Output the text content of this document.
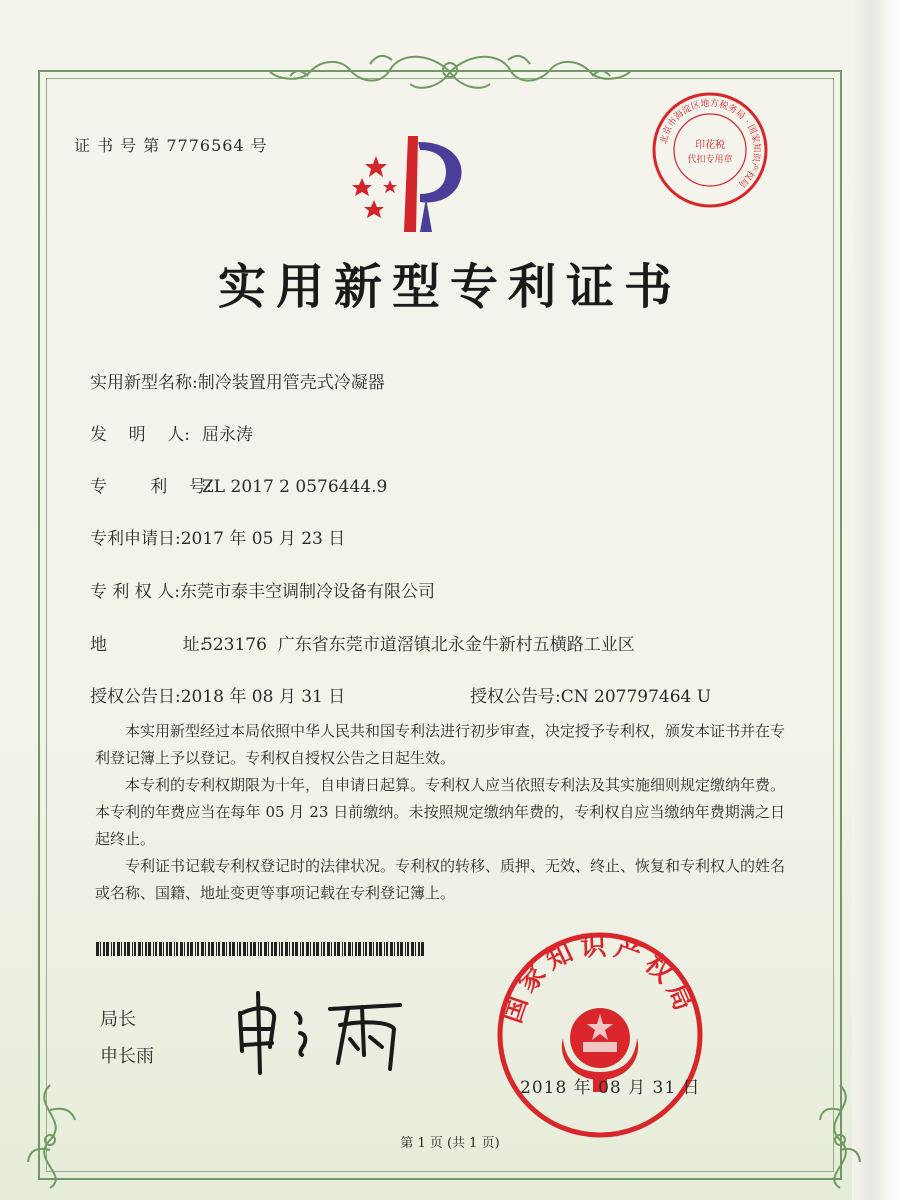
证 书 号 第 7776564 号	北京市海淀区地方税务局 · 国家知识产权局
印花税
代扣专用章
实用新型专利证书
实用新型名称:制冷装置用管壳式冷凝器
发    明    人: 屈永涛
专        利    号:ZL 2017 2 0576444.9
专利申请日:2017 年 05 月 23 日
专 利 权 人:东莞市泰丰空调制冷设备有限公司
地              址:523176  广东省东莞市道滘镇北永金牛新村五横路工业区
授权公告日:2018 年 08 月 31 日	授权公告号:CN 207797464 U
本实用新型经过本局依照中华人民共和国专利法进行初步审查，决定授予专利权，颁发本证书并在专利登记簿上予以登记。专利权自授权公告之日起生效。
本专利的专利权期限为十年，自申请日起算。专利权人应当依照专利法及其实施细则规定缴纳年费。本专利的年费应当在每年 05 月 23 日前缴纳。未按照规定缴纳年费的，专利权自应当缴纳年费期满之日起终止。
专利证书记载专利权登记时的法律状况。专利权的转移、质押、无效、终止、恢复和专利权人的姓名或名称、国籍、地址变更等事项记载在专利登记簿上。
局长
申长雨
国家知识产权局
2018 年 08 月 31 日
第 1 页 (共 1 页)
